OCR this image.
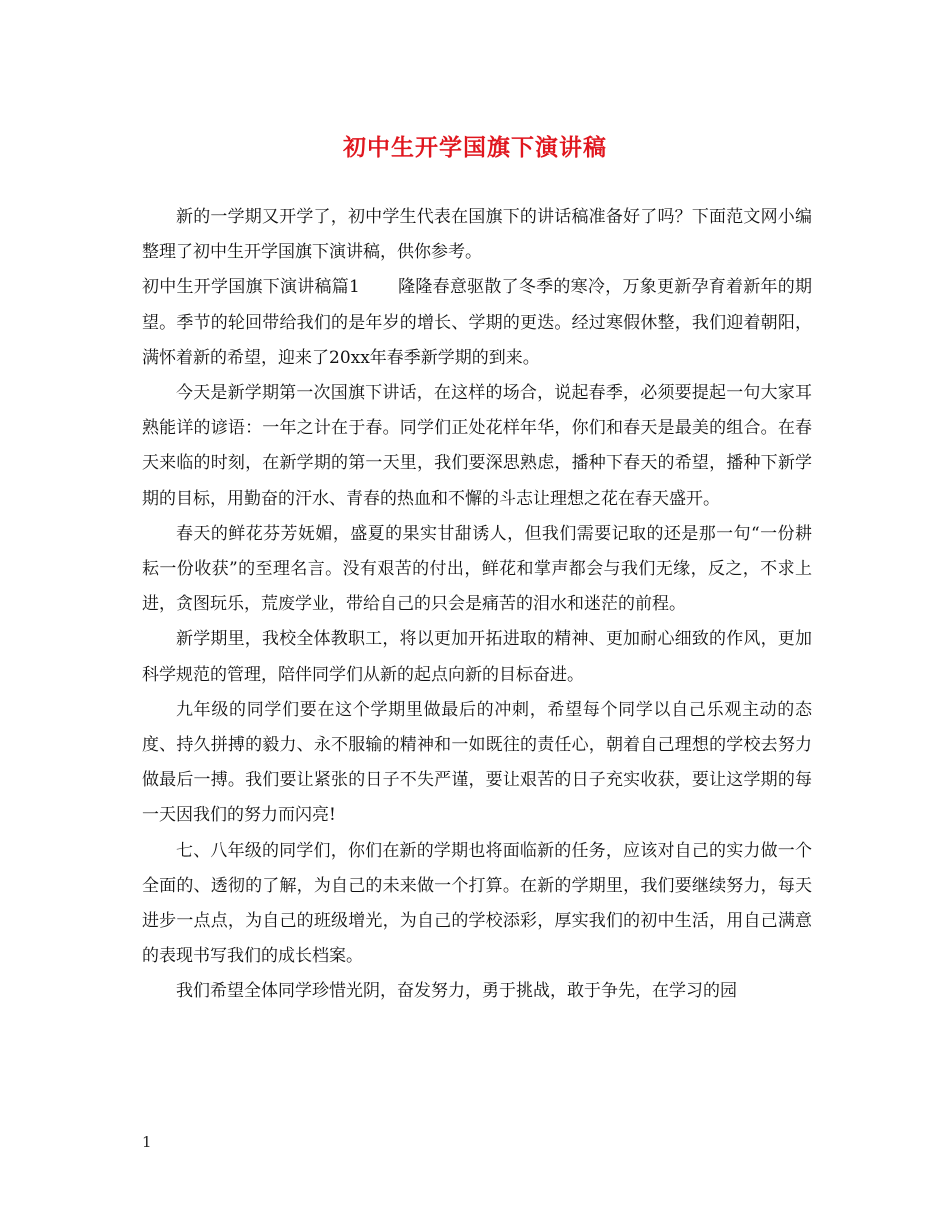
初中生开学国旗下演讲稿

新的一学期又开学了，初中学生代表在国旗下的讲话稿准备好了吗？下面范文网小编整理了初中生开学国旗下演讲稿，供你参考。

初中生开学国旗下演讲稿篇1 隆隆春意驱散了冬季的寒冷，万象更新孕育着新年的期望。季节的轮回带给我们的是年岁的增长、学期的更迭。经过寒假休整，我们迎着朝阳，满怀着新的希望，迎来了20xx年春季新学期的到来。

今天是新学期第一次国旗下讲话，在这样的场合，说起春季，必须要提起一句大家耳熟能详的谚语：一年之计在于春。同学们正处花样年华，你们和春天是最美的组合。在春天来临的时刻，在新学期的第一天里，我们要深思熟虑，播种下春天的希望，播种下新学期的目标，用勤奋的汗水、青春的热血和不懈的斗志让理想之花在春天盛开。

春天的鲜花芬芳妩媚，盛夏的果实甘甜诱人，但我们需要记取的还是那一句“一份耕耘一份收获”的至理名言。没有艰苦的付出，鲜花和掌声都会与我们无缘，反之，不求上进，贪图玩乐，荒废学业，带给自己的只会是痛苦的泪水和迷茫的前程。

新学期里，我校全体教职工，将以更加开拓进取的精神、更加耐心细致的作风，更加科学规范的管理，陪伴同学们从新的起点向新的目标奋进。

九年级的同学们要在这个学期里做最后的冲刺，希望每个同学以自己乐观主动的态度、持久拼搏的毅力、永不服输的精神和一如既往的责任心，朝着自己理想的学校去努力做最后一搏。我们要让紧张的日子不失严谨，要让艰苦的日子充实收获，要让这学期的每一天因我们的努力而闪亮!

七、八年级的同学们，你们在新的学期也将面临新的任务，应该对自己的实力做一个全面的、透彻的了解，为自己的未来做一个打算。在新的学期里，我们要继续努力，每天进步一点点，为自己的班级增光，为自己的学校添彩，厚实我们的初中生活，用自己满意的表现书写我们的成长档案。

我们希望全体同学珍惜光阴，奋发努力，勇于挑战，敢于争先，在学习的园

1
